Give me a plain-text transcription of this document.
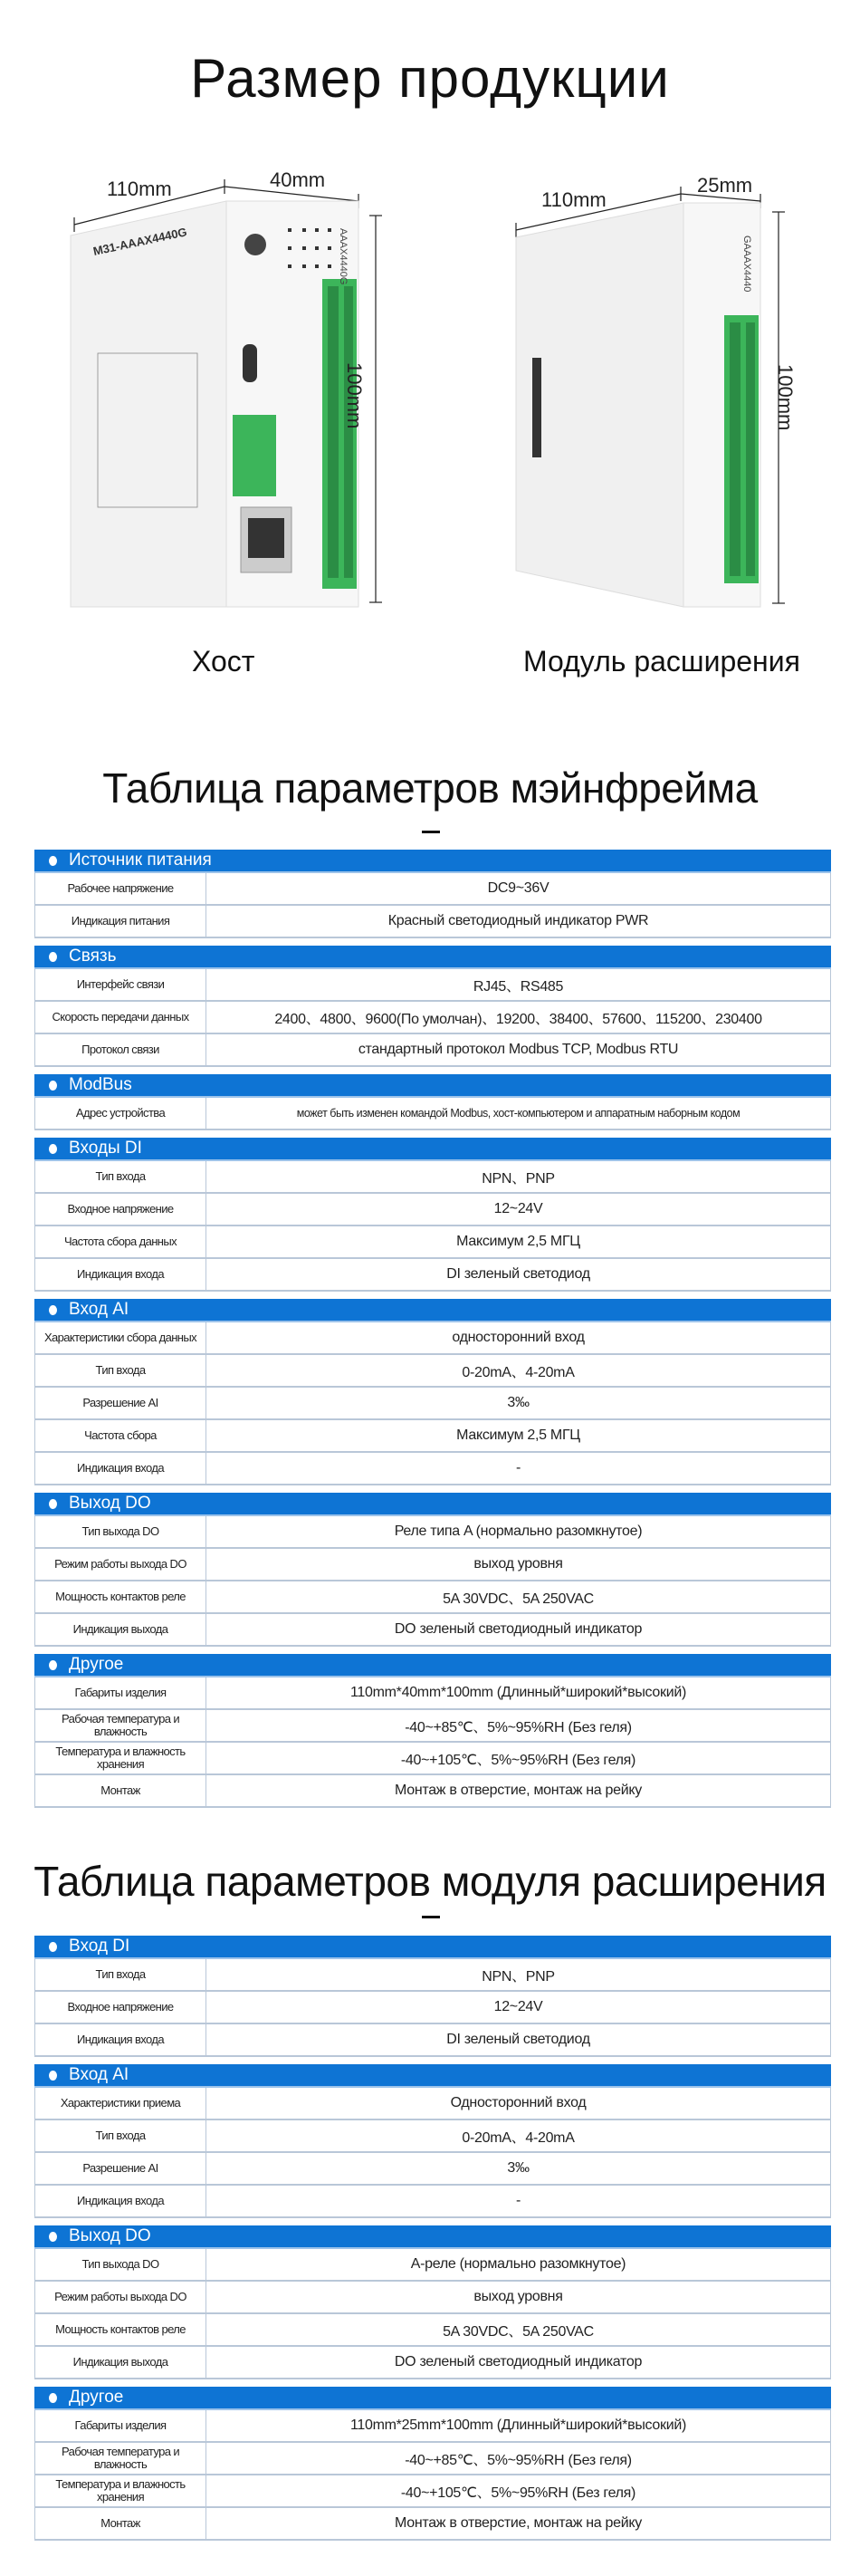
Размер продукции
M31-AAAX4440G	AAAX4440G	GAAAX4440
110mm	40mm
100mm
110mm
25mm
100mm
Хост	Модуль расширения
Таблица параметров мэйнфрейма
Источник питания
Рабочее напряжение	DC9~36V
Индикация питания	Красный светодиодный индикатор PWR
Связь
Интерфейс связи	RJ45、RS485
Скорость передачи данных	2400、4800、9600(По умолчан)、19200、38400、57600、115200、230400
Протокол связи	стандартный протокол Modbus TCP, Modbus RTU
ModBus
Адрес устройства	может быть изменен командой Modbus, хост-компьютером и аппаратным наборным кодом
Входы DI
Тип входа	NPN、PNP
Входное напряжение	12~24V
Частота сбора данных	Максимум 2,5 МГЦ
Индикация входа	DI зеленый светодиод
Вход AI
Характеристики сбора данных	односторонний вход
Тип входа	0-20mA、4-20mA
Разрешение AI	3‰
Частота сбора	Максимум 2,5 МГЦ
Индикация входа	-
Выход DO
Тип выхода DO	Реле типа A (нормально разомкнутое)
Режим работы выхода DO	выход уровня
Мощность контактов реле	5A 30VDC、5A 250VAC
Индикация выхода	DO зеленый светодиодный индикатор
Другое
Габариты изделия	110mm*40mm*100mm (Длинный*широкий*высокий)
Рабочая температура и влажность	-40~+85℃、5%~95%RH (Без геля)
Температура и влажность хранения	-40~+105℃、5%~95%RH (Без геля)
Монтаж	Монтаж в отверстие, монтаж на рейку
Таблица параметров модуля расширения
Вход DI
Тип входа	NPN、PNP
Входное напряжение	12~24V
Индикация входа	DI зеленый светодиод
Вход AI
Характеристики приема	Односторонний вход
Тип входа	0-20mA、4-20mA
Разрешение AI	3‰
Индикация входа	-
Выход DO
Тип выхода DO	A-реле (нормально разомкнутое)
Режим работы выхода DO	выход уровня
Мощность контактов реле	5A 30VDC、5A 250VAC
Индикация выхода	DO зеленый светодиодный индикатор
Другое
Габариты изделия	110mm*25mm*100mm (Длинный*широкий*высокий)
Рабочая температура и влажность	-40~+85℃、5%~95%RH (Без геля)
Температура и влажность хранения	-40~+105℃、5%~95%RH (Без геля)
Монтаж	Монтаж в отверстие, монтаж на рейку
